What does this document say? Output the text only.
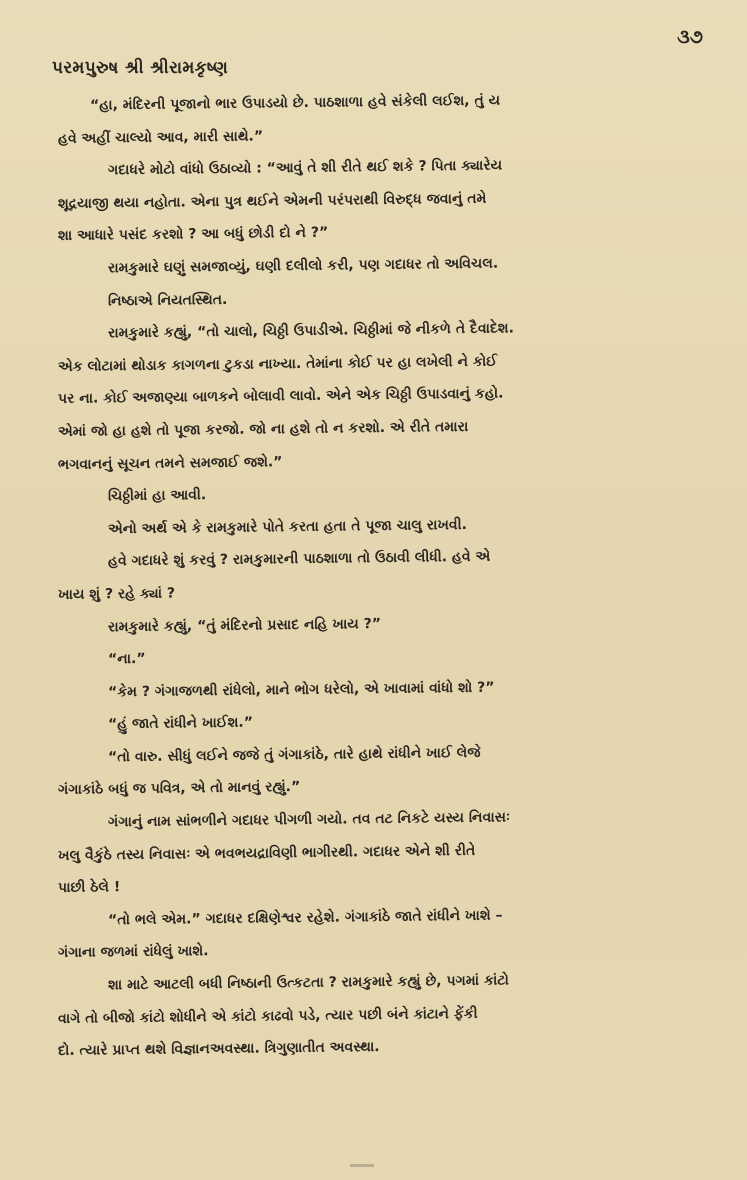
પરમપુરુષ શ્રી શ્રીરામકૃષ્ણ
૩૭
“હા, મંદિરની પૂજાનો ભાર ઉપાડયો છે. પાઠશાળા હવે સંકેલી લઈશ, તું ય
હવે અહીં ચાલ્યો આવ, મારી સાથે.”
ગદાધરે મોટો વાંધો ઉઠાવ્યો : “આવું તે શી રીતે થઈ શકે ? પિતા ક્યારેય
શૂદ્રયાજી થયા નહોતા. એના પુત્ર થઈને એમની પરંપરાથી વિરુદ્ધ જવાનું તમે
શા આધારે પસંદ કરશો ? આ બધું છોડી દો ને ?”
રામકુમારે ઘણું સમજાવ્યું, ઘણી દલીલો કરી, પણ ગદાધર તો અવિચલ.
નિષ્ઠાએ નિયતસ્થિત.
રામકુમારે કહ્યું, “તો ચાલો, ચિઠ્ઠી ઉપાડીએ. ચિઠ્ઠીમાં જે નીકળે તે દૈવાદેશ.
એક લોટામાં થોડાક કાગળના ટુકડા નાખ્યા. તેમાંના કોઈ પર હા લખેલી ને કોઈ
પર ના. કોઈ અજાણ્યા બાળકને બોલાવી લાવો. એને એક ચિઠ્ઠી ઉપાડવાનું કહો.
એમાં જો હા હશે તો પૂજા કરજો. જો ના હશે તો ન કરશો. એ રીતે તમારા
ભગવાનનું સૂચન તમને સમજાઈ જશે.”
ચિઠ્ઠીમાં હા આવી.
એનો અર્થ એ કે રામકુમારે પોતે કરતા હતા તે પૂજા ચાલુ રાખવી.
હવે ગદાધરે શું કરવું ? રામકુમારની પાઠશાળા તો ઉઠાવી લીધી. હવે એ
ખાય શું ? રહે ક્યાં ?
રામકુમારે કહ્યું, “તું મંદિરનો પ્રસાદ નહિ ખાય ?”
“ના.”
“કેમ ? ગંગાજળથી રાંધેલો, માને ભોગ ધરેલો, એ ખાવામાં વાંધો શો ?”
“હું જાતે રાંધીને ખાઈશ.”
“તો વારુ. સીધું લઈને જજે તું ગંગાકાંઠે, તારે હાથે રાંધીને ખાઈ લેજે
ગંગાકાંઠે બધું જ પવિત્ર, એ તો માનવું રહ્યું.”
ગંગાનું નામ સાંભળીને ગદાધર પીગળી ગયો. તવ તટ નિકટે યસ્ય નિવાસઃ
ખલુ વૈકુંઠે તસ્ય નિવાસઃ એ ભવભયદ્રાવિણી ભાગીરથી. ગદાધર એને શી રીતે
પાછી ઠેલે !
“તો ભલે એમ.” ગદાધર દક્ષિણેશ્વર રહેશે. ગંગાકાંઠે જાતે રાંધીને ખાશે –
ગંગાના જળમાં રાંધેલું ખાશે.
શા માટે આટલી બધી નિષ્ઠાની ઉત્કટતા ? રામકુમારે કહ્યું છે, પગમાં કાંટો
વાગે તો બીજો કાંટો શોધીને એ કાંટો કાઢવો પડે, ત્યાર પછી બંને કાંટાને ફેંકી
દો. ત્યારે પ્રાપ્ત થશે વિજ્ઞાનઅવસ્થા. ત્રિગુણાતીત અવસ્થા.
